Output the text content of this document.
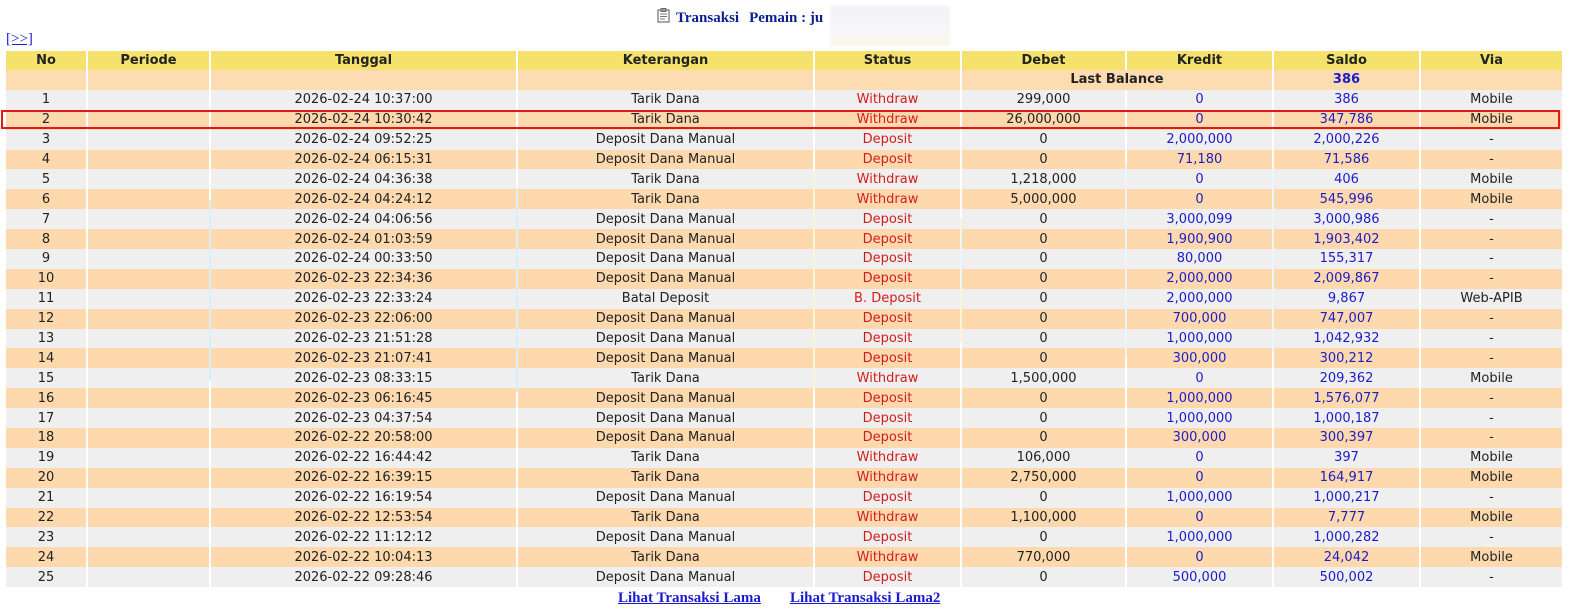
Transaksi Pemain : ju
[>>]
No	Periode	Tanggal	Keterangan	Status	Debet	Kredit	Saldo	Via
					Last Balance		386	
1		2026-02-24 10:37:00	Tarik Dana	Withdraw	299,000	0	386	Mobile
2		2026-02-24 10:30:42	Tarik Dana	Withdraw	26,000,000	0	347,786	Mobile
3		2026-02-24 09:52:25	Deposit Dana Manual	Deposit	0	2,000,000	2,000,226	-
4		2026-02-24 06:15:31	Deposit Dana Manual	Deposit	0	71,180	71,586	-
5		2026-02-24 04:36:38	Tarik Dana	Withdraw	1,218,000	0	406	Mobile
6		2026-02-24 04:24:12	Tarik Dana	Withdraw	5,000,000	0	545,996	Mobile
7		2026-02-24 04:06:56	Deposit Dana Manual	Deposit	0	3,000,099	3,000,986	-
8		2026-02-24 01:03:59	Deposit Dana Manual	Deposit	0	1,900,900	1,903,402	-
9		2026-02-24 00:33:50	Deposit Dana Manual	Deposit	0	80,000	155,317	-
10		2026-02-23 22:34:36	Deposit Dana Manual	Deposit	0	2,000,000	2,009,867	-
11		2026-02-23 22:33:24	Batal Deposit	B. Deposit	0	2,000,000	9,867	Web-APIB
12		2026-02-23 22:06:00	Deposit Dana Manual	Deposit	0	700,000	747,007	-
13		2026-02-23 21:51:28	Deposit Dana Manual	Deposit	0	1,000,000	1,042,932	-
14		2026-02-23 21:07:41	Deposit Dana Manual	Deposit	0	300,000	300,212	-
15		2026-02-23 08:33:15	Tarik Dana	Withdraw	1,500,000	0	209,362	Mobile
16		2026-02-23 06:16:45	Deposit Dana Manual	Deposit	0	1,000,000	1,576,077	-
17		2026-02-23 04:37:54	Deposit Dana Manual	Deposit	0	1,000,000	1,000,187	-
18		2026-02-22 20:58:00	Deposit Dana Manual	Deposit	0	300,000	300,397	-
19		2026-02-22 16:44:42	Tarik Dana	Withdraw	106,000	0	397	Mobile
20		2026-02-22 16:39:15	Tarik Dana	Withdraw	2,750,000	0	164,917	Mobile
21		2026-02-22 16:19:54	Deposit Dana Manual	Deposit	0	1,000,000	1,000,217	-
22		2026-02-22 12:53:54	Tarik Dana	Withdraw	1,100,000	0	7,777	Mobile
23		2026-02-22 11:12:12	Deposit Dana Manual	Deposit	0	1,000,000	1,000,282	-
24		2026-02-22 10:04:13	Tarik Dana	Withdraw	770,000	0	24,042	Mobile
25		2026-02-22 09:28:46	Deposit Dana Manual	Deposit	0	500,000	500,002	-
Lihat Transaksi Lama Lihat Transaksi Lama2
